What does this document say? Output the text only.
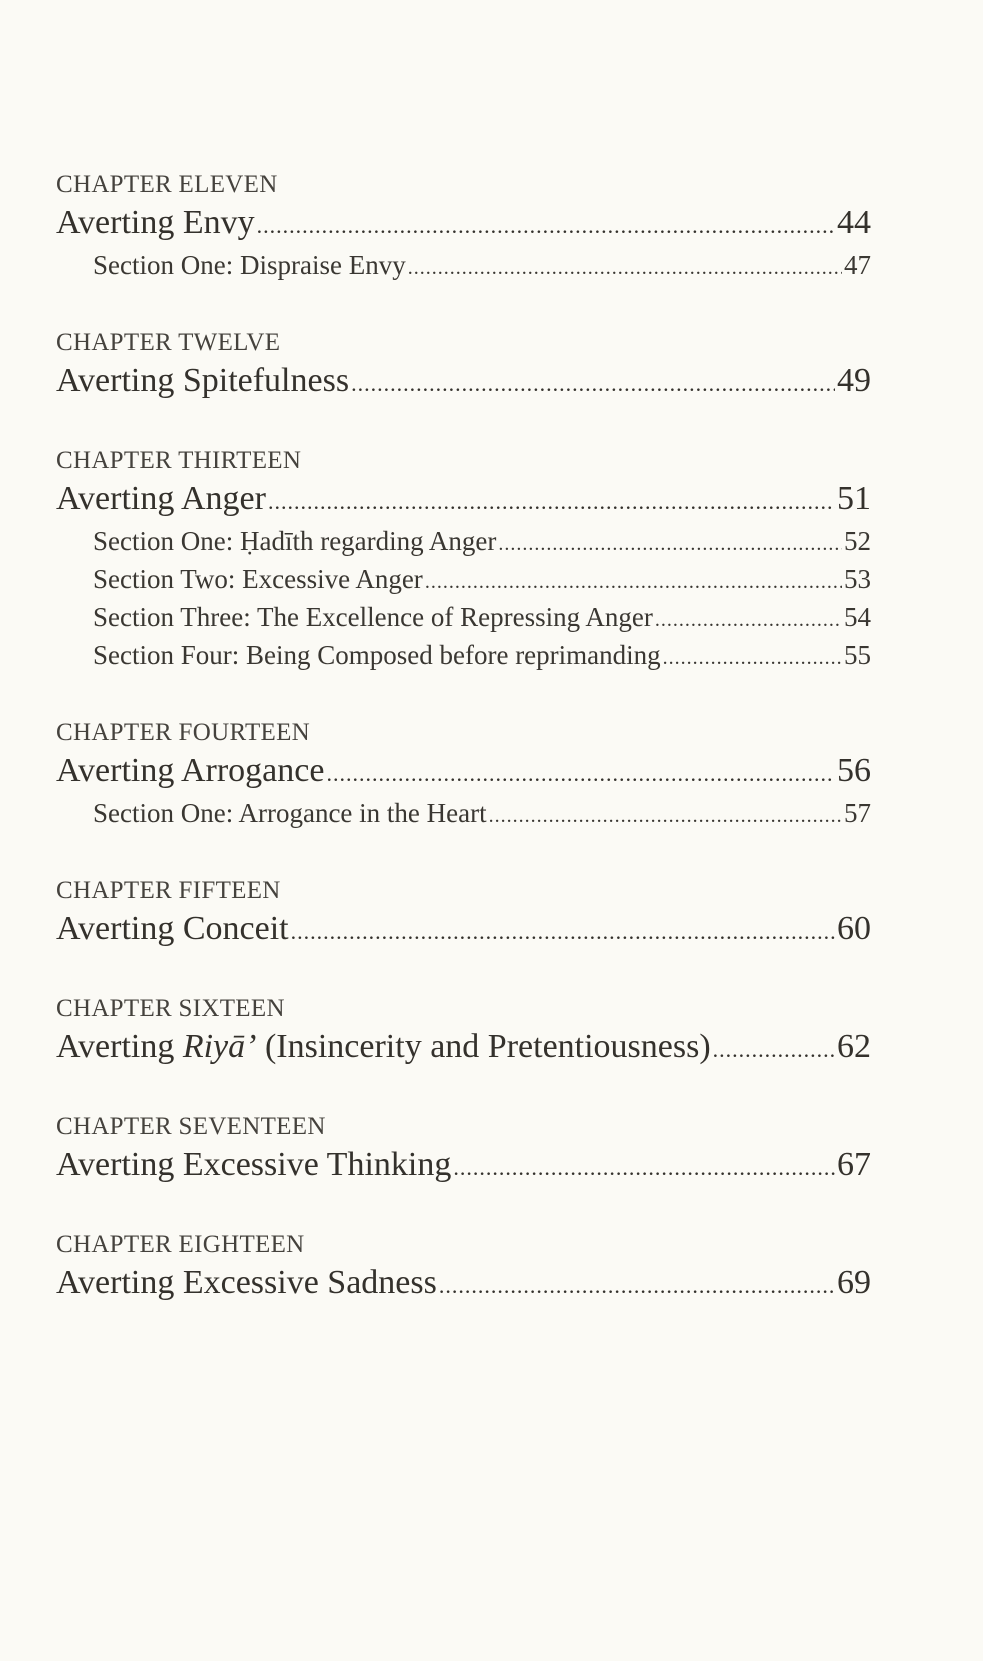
CHAPTER ELEVEN
Averting Envy .....	44
Section One: Dispraise Envy .....	47
CHAPTER TWELVE
Averting Spitefulness .....	49
CHAPTER THIRTEEN
Averting Anger .....	51
Section One: Ḥadīth regarding Anger .....	52
Section Two: Excessive Anger .....	53
Section Three: The Excellence of Repressing Anger .....	54
Section Four: Being Composed before reprimanding .....	55
CHAPTER FOURTEEN
Averting Arrogance .....	56
Section One: Arrogance in the Heart .....	57
CHAPTER FIFTEEN
Averting Conceit .....	60
CHAPTER SIXTEEN
Averting Riyā’ (Insincerity and Pretentiousness) .....	62
CHAPTER SEVENTEEN
Averting Excessive Thinking .....	67
CHAPTER EIGHTEEN
Averting Excessive Sadness .....	69
